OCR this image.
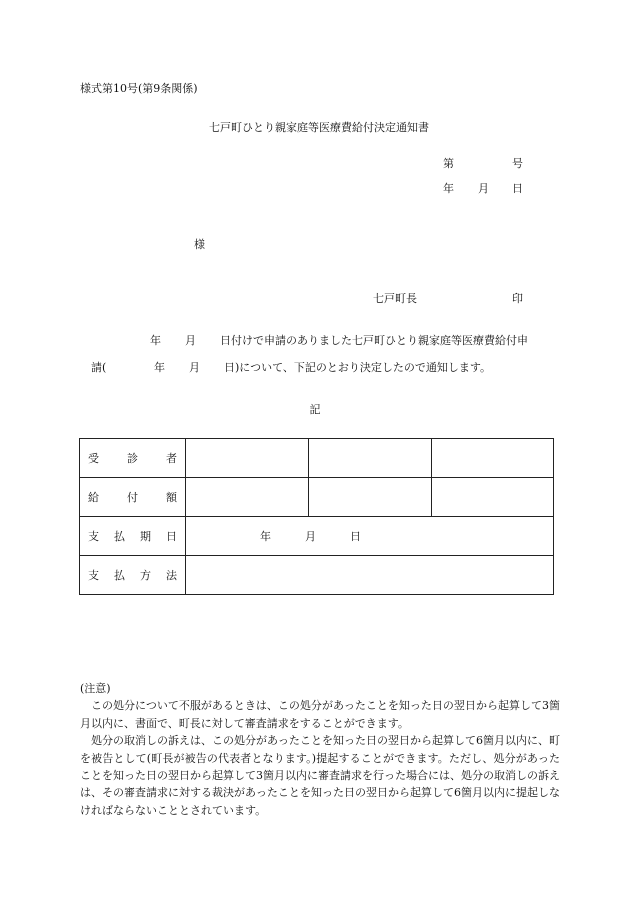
様式第10号(第9条関係)
七戸町ひとり親家庭等医療費給付決定通知書
第	号
年 月 日
様
七戸町長	印
年 月 日付けで申請のありました七戸町ひとり親家庭等医療費給付申
請(	年 月 日)について、下記のとおり決定したので通知します。
記
受 診 者			

給 付 額			

支 払 期 日	年 月 日		

支 払 方 法			

(注意)

この処分について不服があるときは、この処分があったことを知った日の翌日から起算して3箇月以内に、書面で、町長に対して審査請求をすることができます。

処分の取消しの訴えは、この処分があったことを知った日の翌日から起算して6箇月以内に、町を被告として(町長が被告の代表者となります。)提起することができます。ただし、処分があったことを知った日の翌日から起算して3箇月以内に審査請求を行った場合には、処分の取消しの訴えは、その審査請求に対する裁決があったことを知った日の翌日から起算して6箇月以内に提起しなければならないこととされています。
